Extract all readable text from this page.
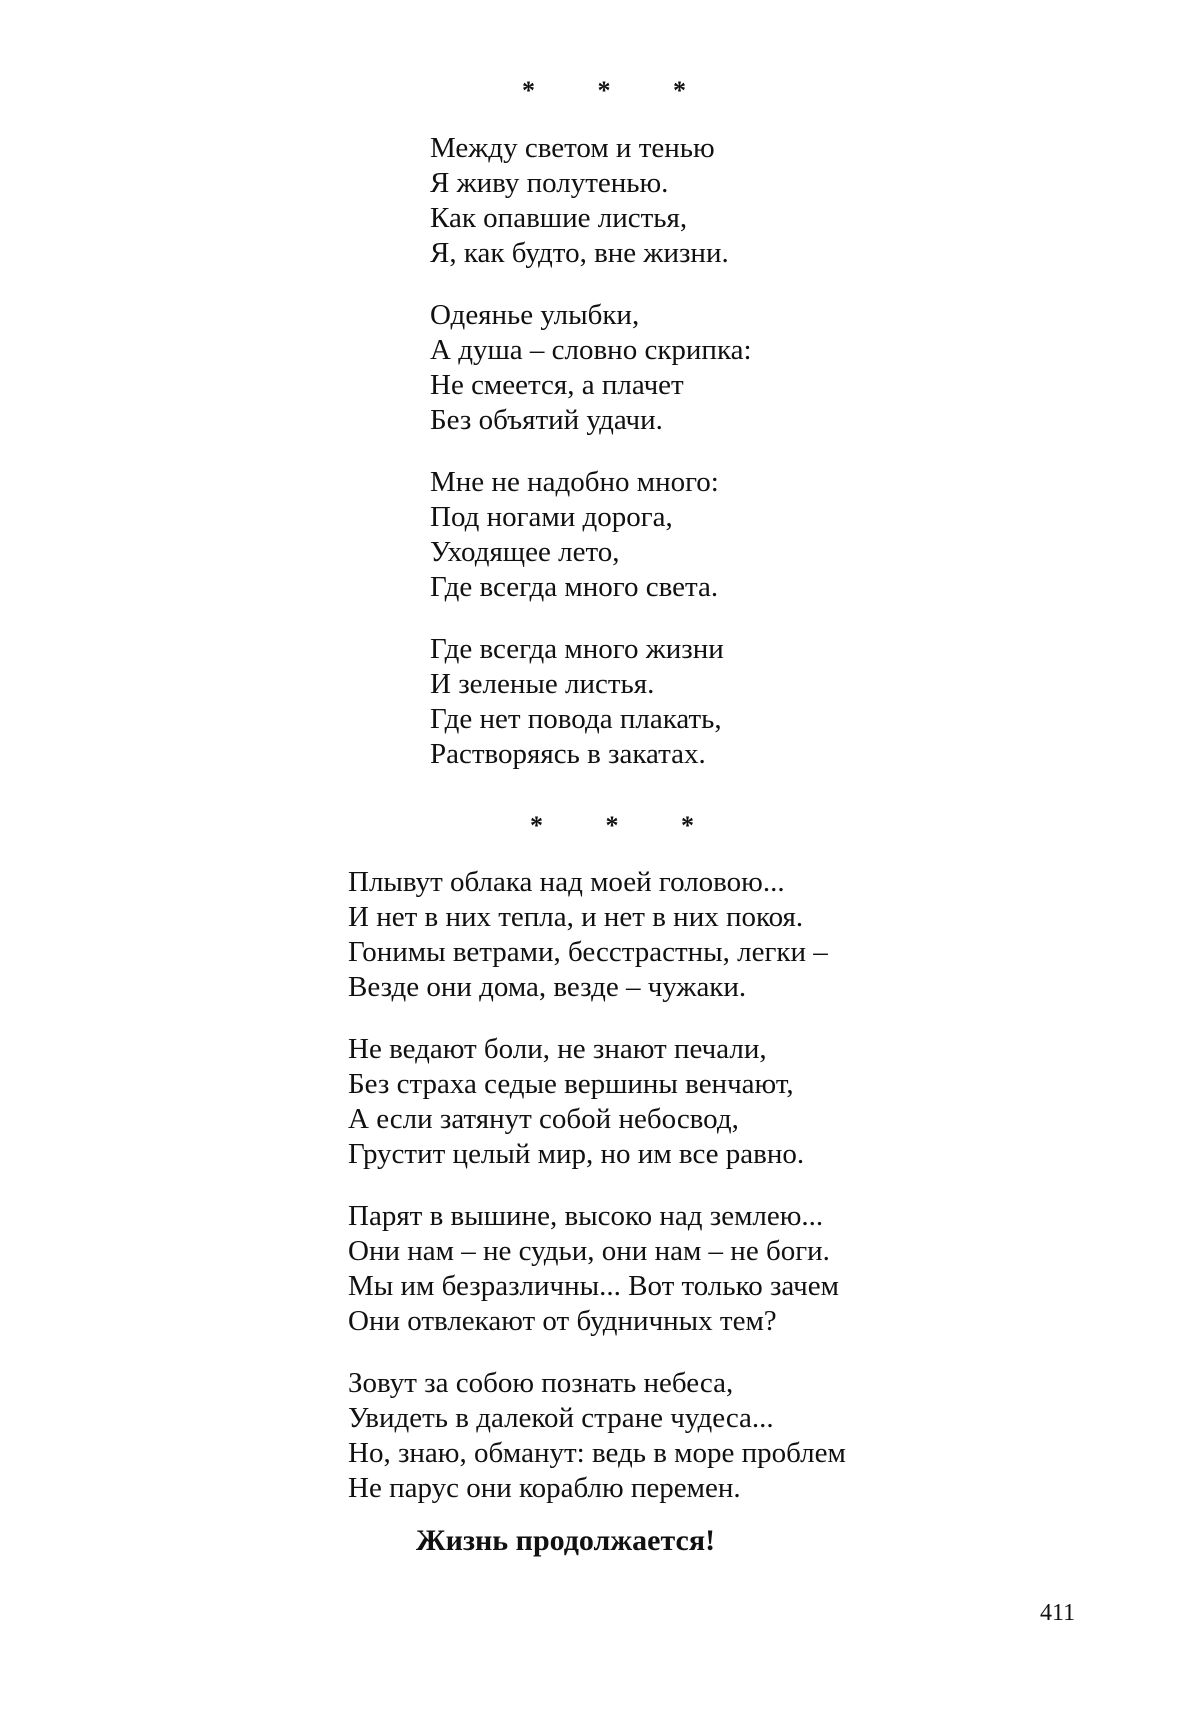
* * *
Между светом и тенью
Я живу полутенью.
Как опавшие листья,
Я, как будто, вне жизни.
Одеянье улыбки,
А душа – словно скрипка:
Не смеется, а плачет
Без объятий удачи.
Мне не надобно много:
Под ногами дорога,
Уходящее лето,
Где всегда много света.
Где всегда много жизни
И зеленые листья.
Где нет повода плакать,
Растворяясь в закатах.
* * *
Плывут облака над моей головою...
И нет в них тепла, и нет в них покоя.
Гонимы ветрами, бесстрастны, легки –
Везде они дома, везде – чужаки.
Не ведают боли, не знают печали,
Без страха седые вершины венчают,
А если затянут собой небосвод,
Грустит целый мир, но им все равно.
Парят в вышине, высоко над землею...
Они нам – не судьи, они нам – не боги.
Мы им безразличны... Вот только зачем
Они отвлекают от будничных тем?
Зовут за собою познать небеса,
Увидеть в далекой стране чудеса...
Но, знаю, обманут: ведь в море проблем
Не парус они кораблю перемен.
Жизнь продолжается!
411
